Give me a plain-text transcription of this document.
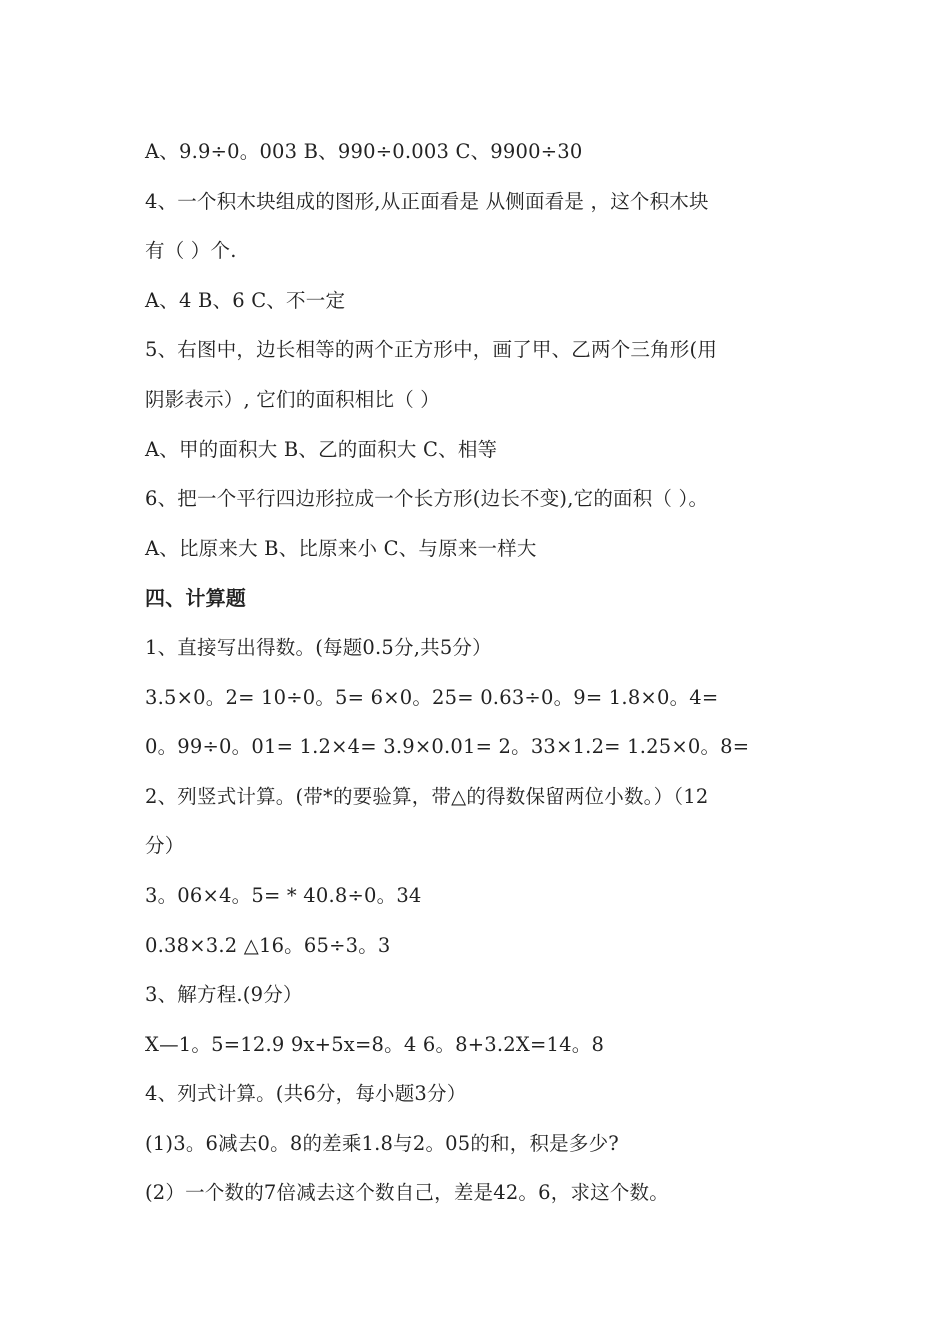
A、9.9÷0。003 B、990÷0.003 C、9900÷30
4、一个积木块组成的图形,从正面看是 从侧面看是 ，这个积木块
有（ ）个.
A、4 B、6 C、不一定
5、右图中，边长相等的两个正方形中，画了甲、乙两个三角形(用
阴影表示）, 它们的面积相比（ ）
A、甲的面积大 B、乙的面积大 C、相等
6、把一个平行四边形拉成一个长方形(边长不变),它的面积（ ）。
A、比原来大 B、比原来小 C、与原来一样大
四、计算题
1、直接写出得数。(每题0.5分,共5分）
3.5×0。2= 10÷0。5= 6×0。25= 0.63÷0。9= 1.8×0。4=
0。99÷0。01= 1.2×4= 3.9×0.01= 2。33×1.2= 1.25×0。8=
2、列竖式计算。(带*的要验算，带△的得数保留两位小数。）（12
分）
3。06×4。5= * 40.8÷0。34
0.38×3.2 △16。65÷3。3
3、解方程.(9分）
X—1。5=12.9 9x+5x=8。4 6。8+3.2X=14。8
4、列式计算。(共6分，每小题3分）
(1)3。6减去0。8的差乘1.8与2。05的和，积是多少?
(2）一个数的7倍减去这个数自己，差是42。6，求这个数。
